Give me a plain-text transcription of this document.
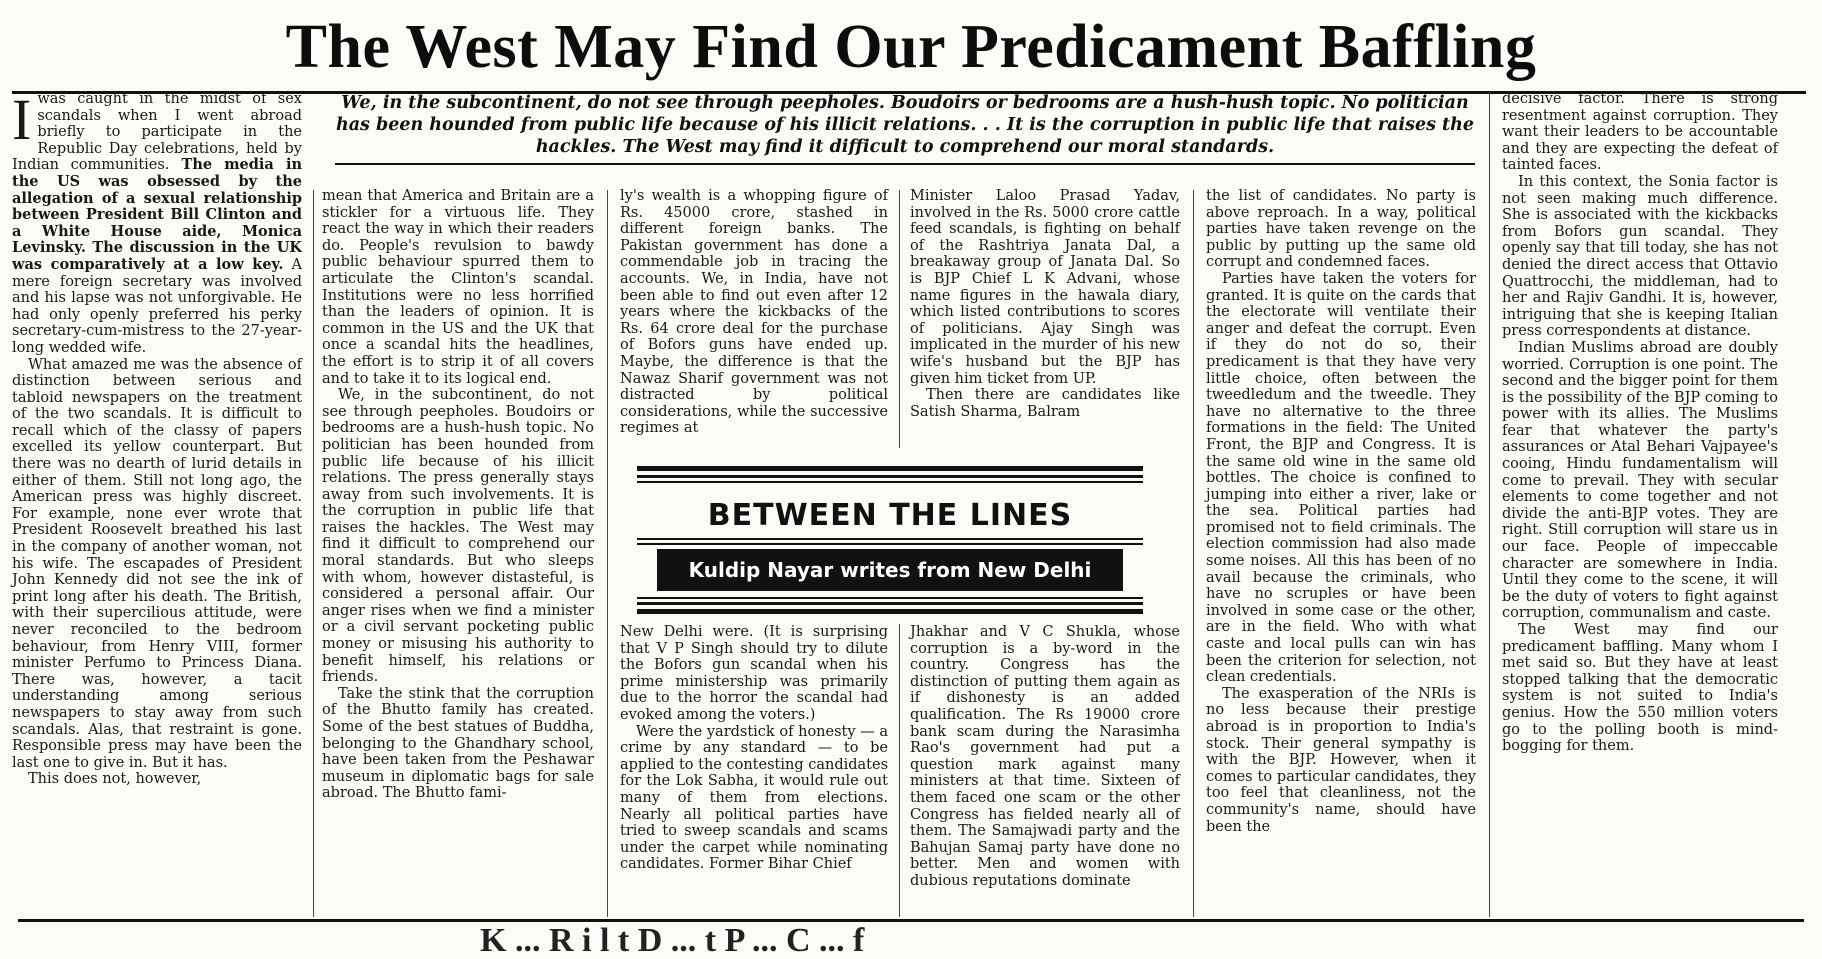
The West May Find Our Predicament Baffling
We, in the subcontinent, do not see through peepholes. Boudoirs or bedrooms are a hush-hush topic. No politician has been hounded from public life because of his illicit relations. . . It is the corruption in public life that raises the hackles. The West may find it difficult to comprehend our moral standards.

I was caught in the midst of sex scandals when I went abroad briefly to participate in the Republic Day celebrations, held by Indian communities. The media in the US was obsessed by the allegation of a sexual relationship between President Bill Clinton and a White House aide, Monica Levinsky. The discussion in the UK was comparatively at a low key. A mere foreign secretary was involved and his lapse was not unforgivable. He had only openly preferred his perky secretary-cum-mistress to the 27-year-long wedded wife.

What amazed me was the absence of distinction between serious and tabloid newspapers on the treatment of the two scandals. It is difficult to recall which of the classy of papers excelled its yellow counterpart. But there was no dearth of lurid details in either of them. Still not long ago, the American press was highly discreet. For example, none ever wrote that President Roosevelt breathed his last in the company of another woman, not his wife. The escapades of President John Kennedy did not see the ink of print long after his death. The British, with their supercilious attitude, were never reconciled to the bedroom behaviour, from Henry VIII, former minister Perfumo to Princess Diana. There was, however, a tacit understanding among serious newspapers to stay away from such scandals. Alas, that restraint is gone. Responsible press may have been the last one to give in. But it has.

This does not, however,

mean that America and Britain are a stickler for a virtuous life. They react the way in which their readers do. People's revulsion to bawdy public behaviour spurred them to articulate the Clinton's scandal. Institutions were no less horrified than the leaders of opinion. It is common in the US and the UK that once a scandal hits the headlines, the effort is to strip it of all covers and to take it to its logical end.

We, in the subcontinent, do not see through peepholes. Boudoirs or bedrooms are a hush-hush topic. No politician has been hounded from public life because of his illicit relations. The press generally stays away from such involvements. It is the corruption in public life that raises the hackles. The West may find it difficult to comprehend our moral standards. But who sleeps with whom, however distasteful, is considered a personal affair. Our anger rises when we find a minister or a civil servant pocketing public money or misusing his authority to benefit himself, his relations or friends.

Take the stink that the corruption of the Bhutto family has created. Some of the best statues of Buddha, belonging to the Ghandhary school, have been taken from the Peshawar museum in diplomatic bags for sale abroad. The Bhutto fami-

ly's wealth is a whopping figure of Rs. 45000 crore, stashed in different foreign banks. The Pakistan government has done a commendable job in tracing the accounts. We, in India, have not been able to find out even after 12 years where the kickbacks of the Rs. 64 crore deal for the purchase of Bofors guns have ended up. Maybe, the difference is that the Nawaz Sharif government was not distracted by political considerations, while the successive regimes at

Minister Laloo Prasad Yadav, involved in the Rs. 5000 crore cattle feed scandals, is fighting on behalf of the Rashtriya Janata Dal, a breakaway group of Janata Dal. So is BJP Chief L K Advani, whose name figures in the hawala diary, which listed contributions to scores of politicians. Ajay Singh was implicated in the murder of his new wife's husband but the BJP has given him ticket from UP.

Then there are candidates like Satish Sharma, Balram

BETWEEN THE LINES
Kuldip Nayar writes from New Delhi

New Delhi were. (It is surprising that V P Singh should try to dilute the Bofors gun scandal when his prime ministership was primarily due to the horror the scandal had evoked among the voters.)

Were the yardstick of honesty — a crime by any standard — to be applied to the contesting candidates for the Lok Sabha, it would rule out many of them from elections. Nearly all political parties have tried to sweep scandals and scams under the carpet while nominating candidates. Former Bihar Chief

Jhakhar and V C Shukla, whose corruption is a by-word in the country. Congress has the distinction of putting them again as if dishonesty is an added qualification. The Rs 19000 crore bank scam during the Narasimha Rao's government had put a question mark against many ministers at that time. Sixteen of them faced one scam or the other Congress has fielded nearly all of them. The Samajwadi party and the Bahujan Samaj party have done no better. Men and women with dubious reputations dominate

the list of candidates. No party is above reproach. In a way, political parties have taken revenge on the public by putting up the same old corrupt and condemned faces.

Parties have taken the voters for granted. It is quite on the cards that the electorate will ventilate their anger and defeat the corrupt. Even if they do not do so, their predicament is that they have very little choice, often between the tweedledum and the tweedle. They have no alternative to the three formations in the field: The United Front, the BJP and Congress. It is the same old wine in the same old bottles. The choice is confined to jumping into either a river, lake or the sea. Political parties had promised not to field criminals. The election commission had also made some noises. All this has been of no avail because the criminals, who have no scruples or have been involved in some case or the other, are in the field. Who with what caste and local pulls can win has been the criterion for selection, not clean credentials.

The exasperation of the NRIs is no less because their prestige abroad is in proportion to India's stock. Their general sympathy is with the BJP. However, when it comes to particular candidates, they too feel that cleanliness, not the community's name, should have been the

decisive factor. There is strong resentment against corruption. They want their leaders to be accountable and they are expecting the defeat of tainted faces.

In this context, the Sonia factor is not seen making much difference. She is associated with the kickbacks from Bofors gun scandal. They openly say that till today, she has not denied the direct access that Ottavio Quattrocchi, the middleman, had to her and Rajiv Gandhi. It is, however, intriguing that she is keeping Italian press correspondents at distance.

Indian Muslims abroad are doubly worried. Corruption is one point. The second and the bigger point for them is the possibility of the BJP coming to power with its allies. The Muslims fear that whatever the party's assurances or Atal Behari Vajpayee's cooing, Hindu fundamentalism will come to prevail. They with secular elements to come together and not divide the anti-BJP votes. They are right. Still corruption will stare us in our face. People of impeccable character are somewhere in India. Until they come to the scene, it will be the duty of voters to fight against corruption, communalism and caste.

The West may find our predicament baffling. Many whom I met said so. But they have at least stopped talking that the democratic system is not suited to India's genius. How the 550 million voters go to the polling booth is mind-bogging for them.

K ... R i l t D ... t P ... C ... f
